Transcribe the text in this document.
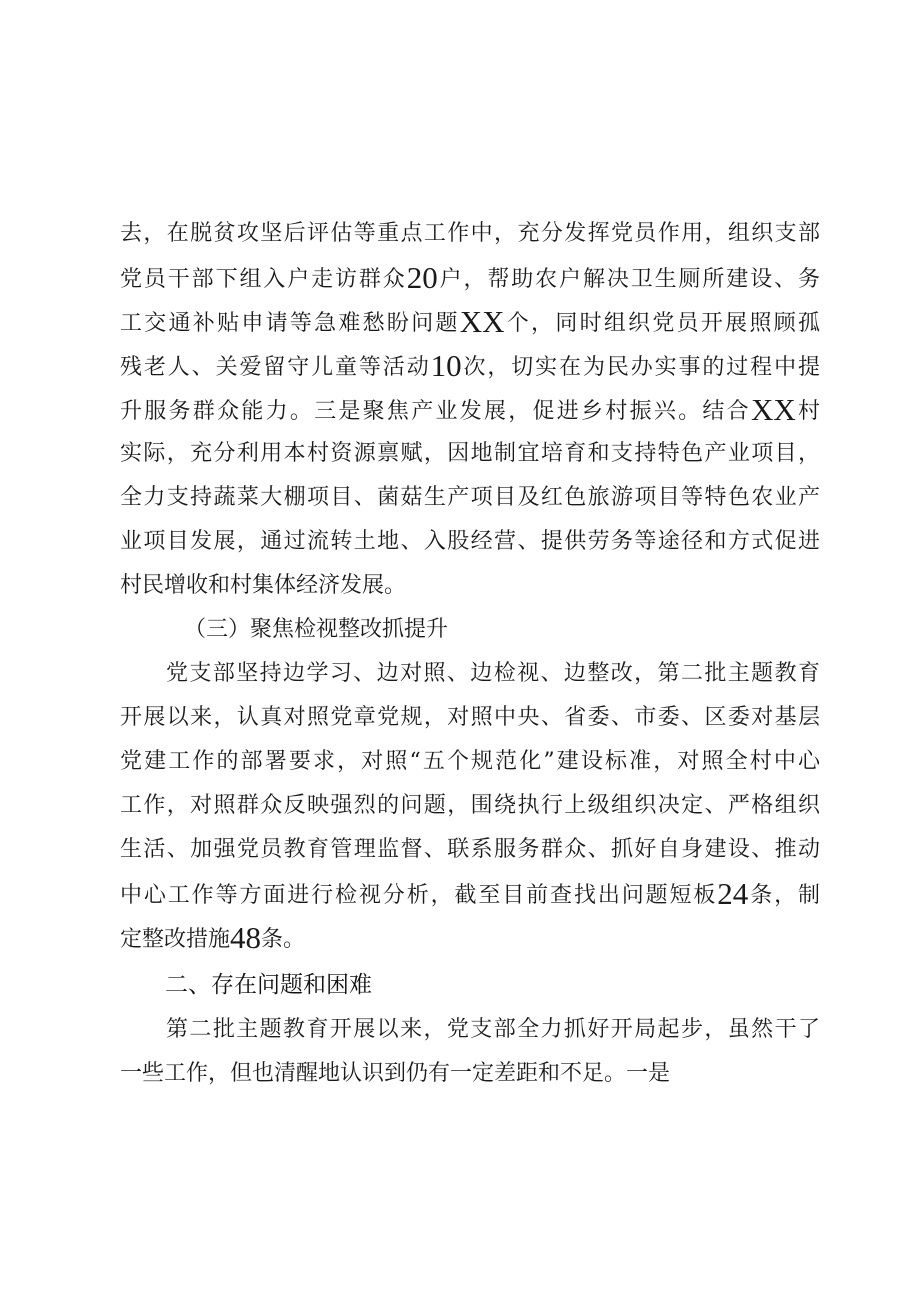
去，在脱贫攻坚后评估等重点工作中，充分发挥党员作用，组织支部
党员干部下组入户走访群众20户，帮助农户解决卫生厕所建设、务
工交通补贴申请等急难愁盼问题XX个，同时组织党员开展照顾孤
残老人、关爱留守儿童等活动10次，切实在为民办实事的过程中提
升服务群众能力。三是聚焦产业发展，促进乡村振兴。结合XX村
实际，充分利用本村资源禀赋，因地制宜培育和支持特色产业项目，
全力支持蔬菜大棚项目、菌菇生产项目及红色旅游项目等特色农业产
业项目发展，通过流转土地、入股经营、提供劳务等途径和方式促进
村民增收和村集体经济发展。
（三）聚焦检视整改抓提升
党支部坚持边学习、边对照、边检视、边整改，第二批主题教育
开展以来，认真对照党章党规，对照中央、省委、市委、区委对基层
党建工作的部署要求，对照“五个规范化”建设标准，对照全村中心
工作，对照群众反映强烈的问题，围绕执行上级组织决定、严格组织
生活、加强党员教育管理监督、联系服务群众、抓好自身建设、推动
中心工作等方面进行检视分析，截至目前查找出问题短板24条，制
定整改措施48条。
二、存在问题和困难
第二批主题教育开展以来，党支部全力抓好开局起步，虽然干了
一些工作，但也清醒地认识到仍有一定差距和不足。一是
